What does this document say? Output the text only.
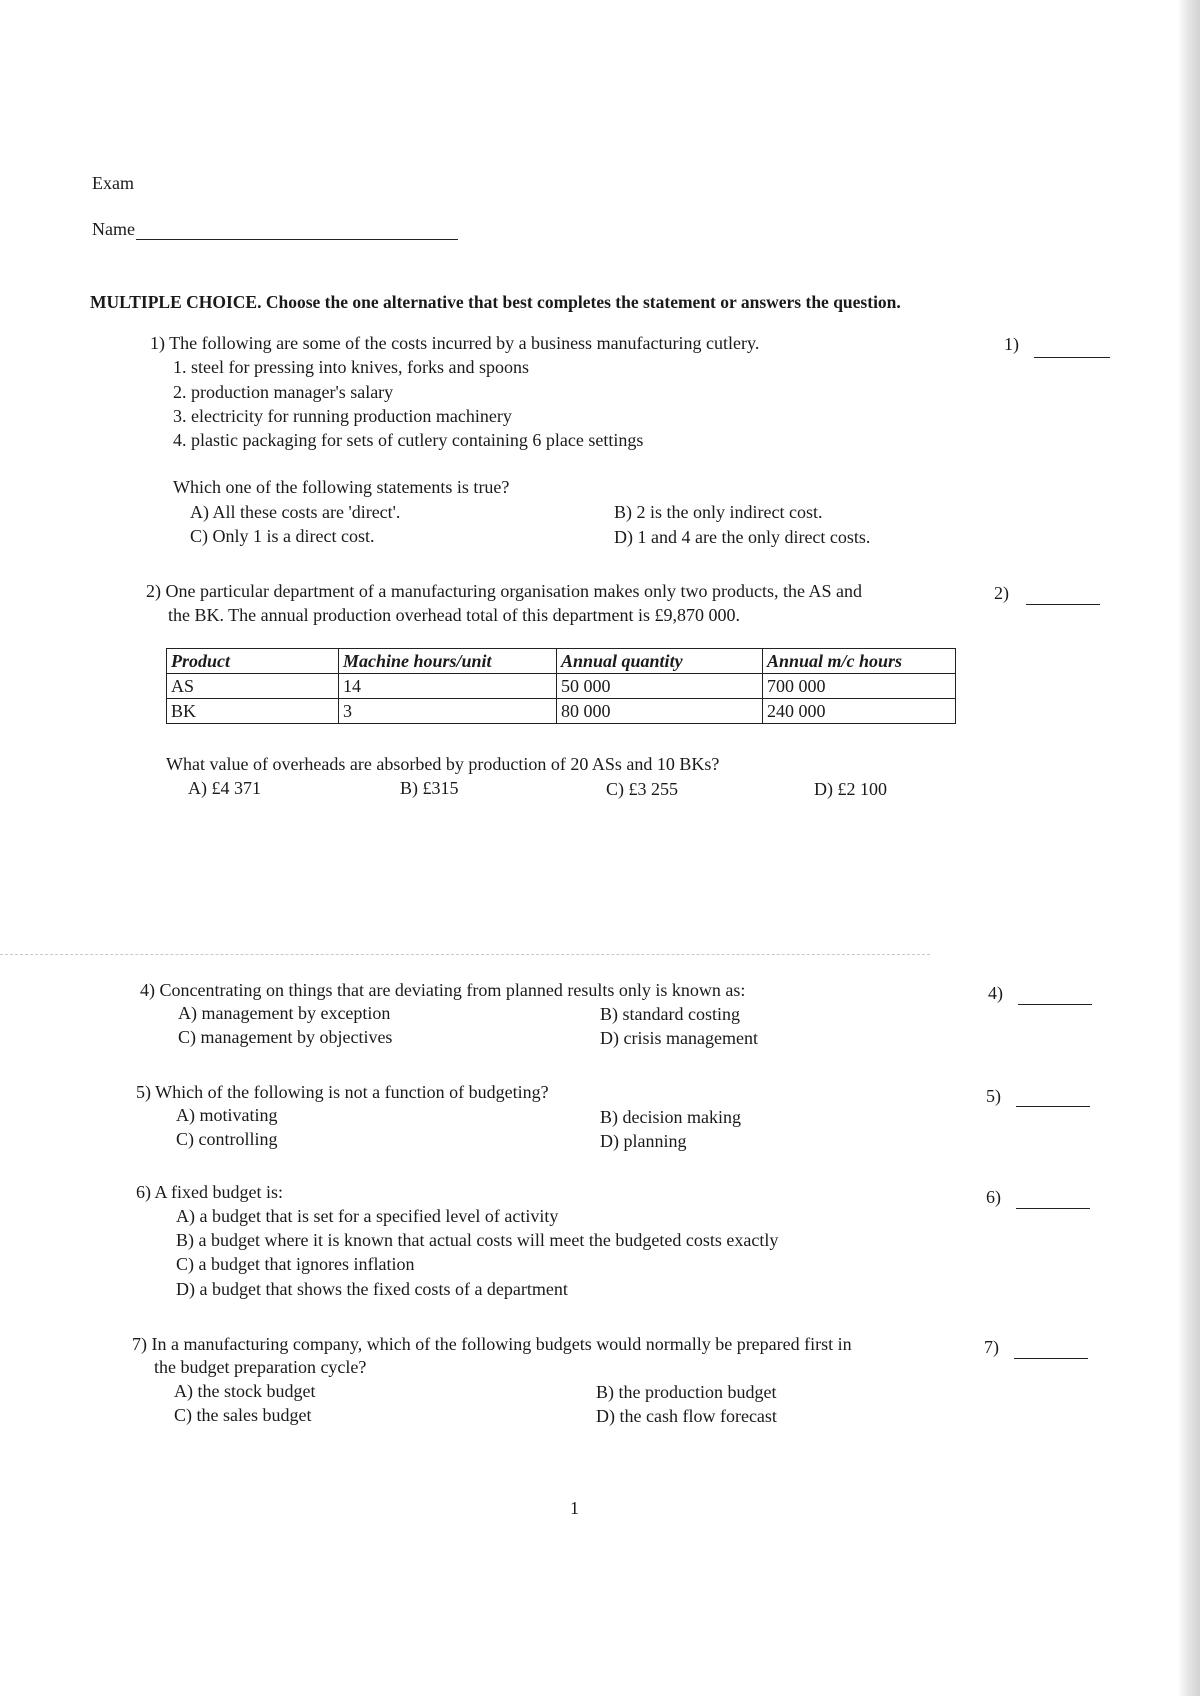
Exam
Name
MULTIPLE CHOICE. Choose the one alternative that best completes the statement or answers the question.
1) The following are some of the costs incurred by a business manufacturing cutlery.	1)
1. steel for pressing into knives, forks and spoons
2. production manager's salary
3. electricity for running production machinery
4. plastic packaging for sets of cutlery containing 6 place settings
Which one of the following statements is true?
A) All these costs are 'direct'.	B) 2 is the only indirect cost.
C) Only 1 is a direct cost.	D) 1 and 4 are the only direct costs.
2) One particular department of a manufacturing organisation makes only two products, the AS and
the BK. The annual production overhead total of this department is £9,870 000.
2)
Product	Machine hours/unit	Annual quantity	Annual m/c hours
AS	14	50 000	700 000
BK	3	80 000	240 000
What value of overheads are absorbed by production of 20 ASs and 10 BKs?
A) £4 371	B) £315	C) £3 255	D) £2 100
4) Concentrating on things that are deviating from planned results only is known as:	4)
A) management by exception	B) standard costing
C) management by objectives	D) crisis management
5) Which of the following is not a function of budgeting?	5)
A) motivating	B) decision making
C) controlling	D) planning
6) A fixed budget is:	6)
A) a budget that is set for a specified level of activity
B) a budget where it is known that actual costs will meet the budgeted costs exactly
C) a budget that ignores inflation
D) a budget that shows the fixed costs of a department
7) In a manufacturing company, which of the following budgets would normally be prepared first in
the budget preparation cycle?
7)
A) the stock budget	B) the production budget
C) the sales budget	D) the cash flow forecast
1
